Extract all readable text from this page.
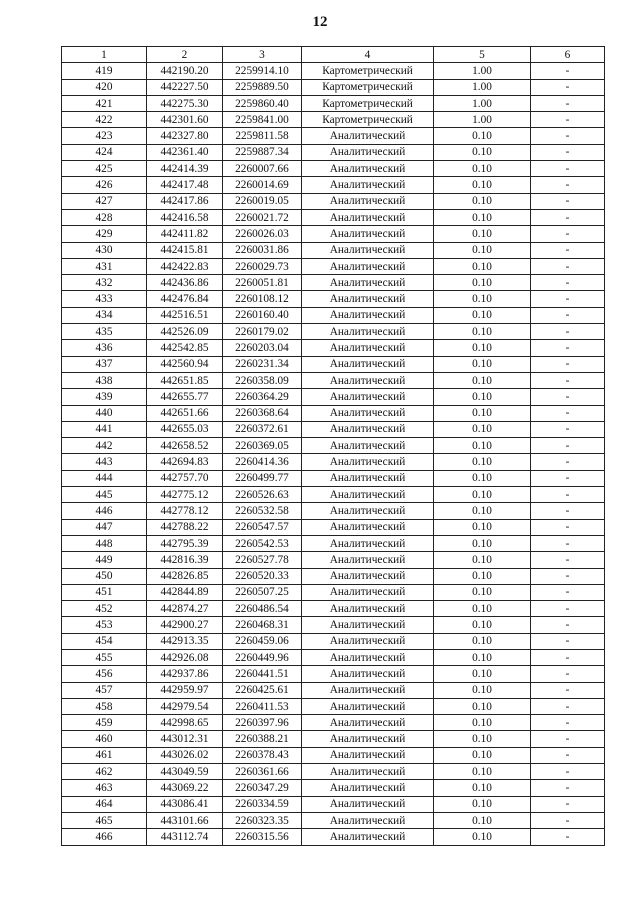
12
1	2	3	4	5	6
419	442190.20	2259914.10	Картометрический	1.00	-
420	442227.50	2259889.50	Картометрический	1.00	-
421	442275.30	2259860.40	Картометрический	1.00	-
422	442301.60	2259841.00	Картометрический	1.00	-
423	442327.80	2259811.58	Аналитический	0.10	-
424	442361.40	2259887.34	Аналитический	0.10	-
425	442414.39	2260007.66	Аналитический	0.10	-
426	442417.48	2260014.69	Аналитический	0.10	-
427	442417.86	2260019.05	Аналитический	0.10	-
428	442416.58	2260021.72	Аналитический	0.10	-
429	442411.82	2260026.03	Аналитический	0.10	-
430	442415.81	2260031.86	Аналитический	0.10	-
431	442422.83	2260029.73	Аналитический	0.10	-
432	442436.86	2260051.81	Аналитический	0.10	-
433	442476.84	2260108.12	Аналитический	0.10	-
434	442516.51	2260160.40	Аналитический	0.10	-
435	442526.09	2260179.02	Аналитический	0.10	-
436	442542.85	2260203.04	Аналитический	0.10	-
437	442560.94	2260231.34	Аналитический	0.10	-
438	442651.85	2260358.09	Аналитический	0.10	-
439	442655.77	2260364.29	Аналитический	0.10	-
440	442651.66	2260368.64	Аналитический	0.10	-
441	442655.03	2260372.61	Аналитический	0.10	-
442	442658.52	2260369.05	Аналитический	0.10	-
443	442694.83	2260414.36	Аналитический	0.10	-
444	442757.70	2260499.77	Аналитический	0.10	-
445	442775.12	2260526.63	Аналитический	0.10	-
446	442778.12	2260532.58	Аналитический	0.10	-
447	442788.22	2260547.57	Аналитический	0.10	-
448	442795.39	2260542.53	Аналитический	0.10	-
449	442816.39	2260527.78	Аналитический	0.10	-
450	442826.85	2260520.33	Аналитический	0.10	-
451	442844.89	2260507.25	Аналитический	0.10	-
452	442874.27	2260486.54	Аналитический	0.10	-
453	442900.27	2260468.31	Аналитический	0.10	-
454	442913.35	2260459.06	Аналитический	0.10	-
455	442926.08	2260449.96	Аналитический	0.10	-
456	442937.86	2260441.51	Аналитический	0.10	-
457	442959.97	2260425.61	Аналитический	0.10	-
458	442979.54	2260411.53	Аналитический	0.10	-
459	442998.65	2260397.96	Аналитический	0.10	-
460	443012.31	2260388.21	Аналитический	0.10	-
461	443026.02	2260378.43	Аналитический	0.10	-
462	443049.59	2260361.66	Аналитический	0.10	-
463	443069.22	2260347.29	Аналитический	0.10	-
464	443086.41	2260334.59	Аналитический	0.10	-
465	443101.66	2260323.35	Аналитический	0.10	-
466	443112.74	2260315.56	Аналитический	0.10	-
